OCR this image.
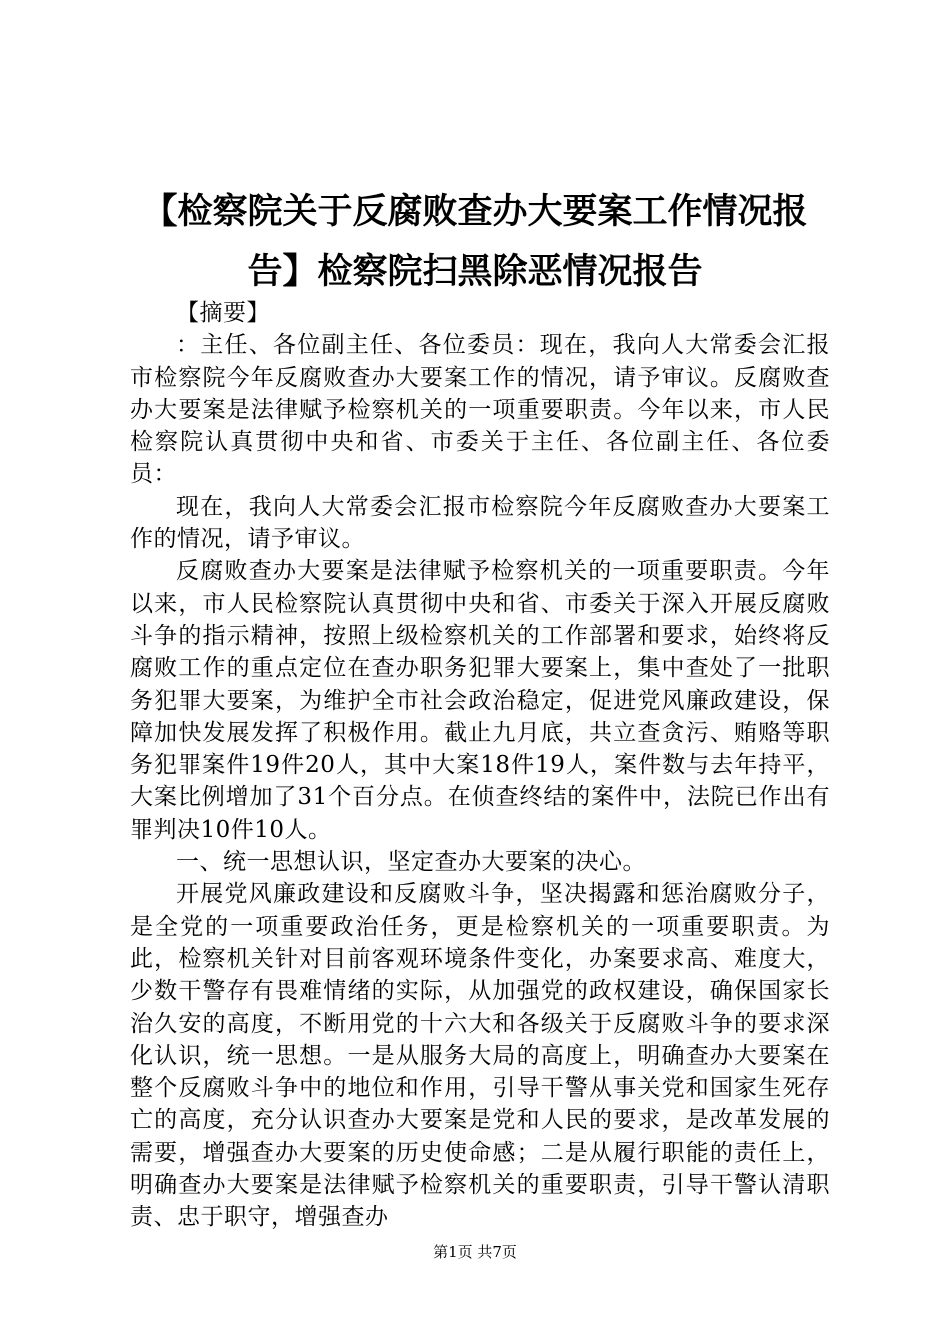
【检察院关于反腐败查办大要案工作情况报告】检察院扫黑除恶情况报告

【摘要】

：主任、各位副主任、各位委员：现在，我向人大常委会汇报市检察院今年反腐败查办大要案工作的情况，请予审议。反腐败查办大要案是法律赋予检察机关的一项重要职责。今年以来，市人民检察院认真贯彻中央和省、市委关于主任、各位副主任、各位委员：

现在，我向人大常委会汇报市检察院今年反腐败查办大要案工作的情况，请予审议。

反腐败查办大要案是法律赋予检察机关的一项重要职责。今年以来，市人民检察院认真贯彻中央和省、市委关于深入开展反腐败斗争的指示精神，按照上级检察机关的工作部署和要求，始终将反腐败工作的重点定位在查办职务犯罪大要案上，集中查处了一批职务犯罪大要案，为维护全市社会政治稳定，促进党风廉政建设，保障加快发展发挥了积极作用。截止九月底，共立查贪污、贿赂等职务犯罪案件19件20人，其中大案18件19人，案件数与去年持平，大案比例增加了31个百分点。在侦查终结的案件中，法院已作出有罪判决10件10人。

一、统一思想认识，坚定查办大要案的决心。

开展党风廉政建设和反腐败斗争，坚决揭露和惩治腐败分子，是全党的一项重要政治任务，更是检察机关的一项重要职责。为此，检察机关针对目前客观环境条件变化，办案要求高、难度大，少数干警存有畏难情绪的实际，从加强党的政权建设，确保国家长治久安的高度，不断用党的十六大和各级关于反腐败斗争的要求深化认识，统一思想。一是从服务大局的高度上，明确查办大要案在整个反腐败斗争中的地位和作用，引导干警从事关党和国家生死存亡的高度，充分认识查办大要案是党和人民的要求，是改革发展的需要，增强查办大要案的历史使命感；二是从履行职能的责任上，明确查办大要案是法律赋予检察机关的重要职责，引导干警认清职责、忠于职守，增强查办

第1页 共7页
